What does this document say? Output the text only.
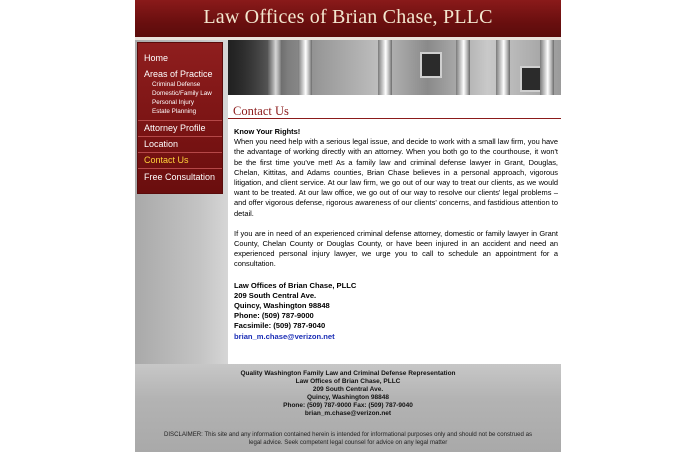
Law Offices of Brian Chase, PLLC
Home
Areas of Practice
Criminal Defense
Domestic/Family Law
Personal Injury
Estate Planning
Attorney Profile
Location
Contact Us
Free Consultation
Contact Us
Know Your Rights!

When you need help with a serious legal issue, and decide to work with a small law firm, you have the advantage of working directly with an attorney. When you both go to the courthouse, it won't be the first time you've met! As a family law and criminal defense lawyer in Grant, Douglas, Chelan, Kittitas, and Adams counties, Brian Chase believes in a personal approach, vigorous litigation, and client service. At our law firm, we go out of our way to treat our clients, as we would want to be treated. At our law office, we go out of our way to resolve our clients' legal problems – and offer vigorous defense, rigorous awareness of our clients' concerns, and fastidious attention to detail.

If you are in need of an experienced criminal defense attorney, domestic or family lawyer in Grant County, Chelan County or Douglas County, or have been injured in an accident and need an experienced personal injury lawyer, we urge you to call to schedule an appointment for a consultation.

Law Offices of Brian Chase, PLLC
209 South Central Ave.
Quincy, Washington 98848
Phone: (509) 787-9000
Facsimile: (509) 787-9040
brian_m.chase@verizon.net
Quality Washington Family Law and Criminal Defense Representation
Law Offices of Brian Chase, PLLC
209 South Central Ave.
Quincy, Washington 98848
Phone: (509) 787-9000 Fax: (509) 787-9040
brian_m.chase@verizon.net
DISCLAIMER: This site and any information contained herein is intended for informational purposes only and should not be construed as legal advice. Seek competent legal counsel for advice on any legal matter
